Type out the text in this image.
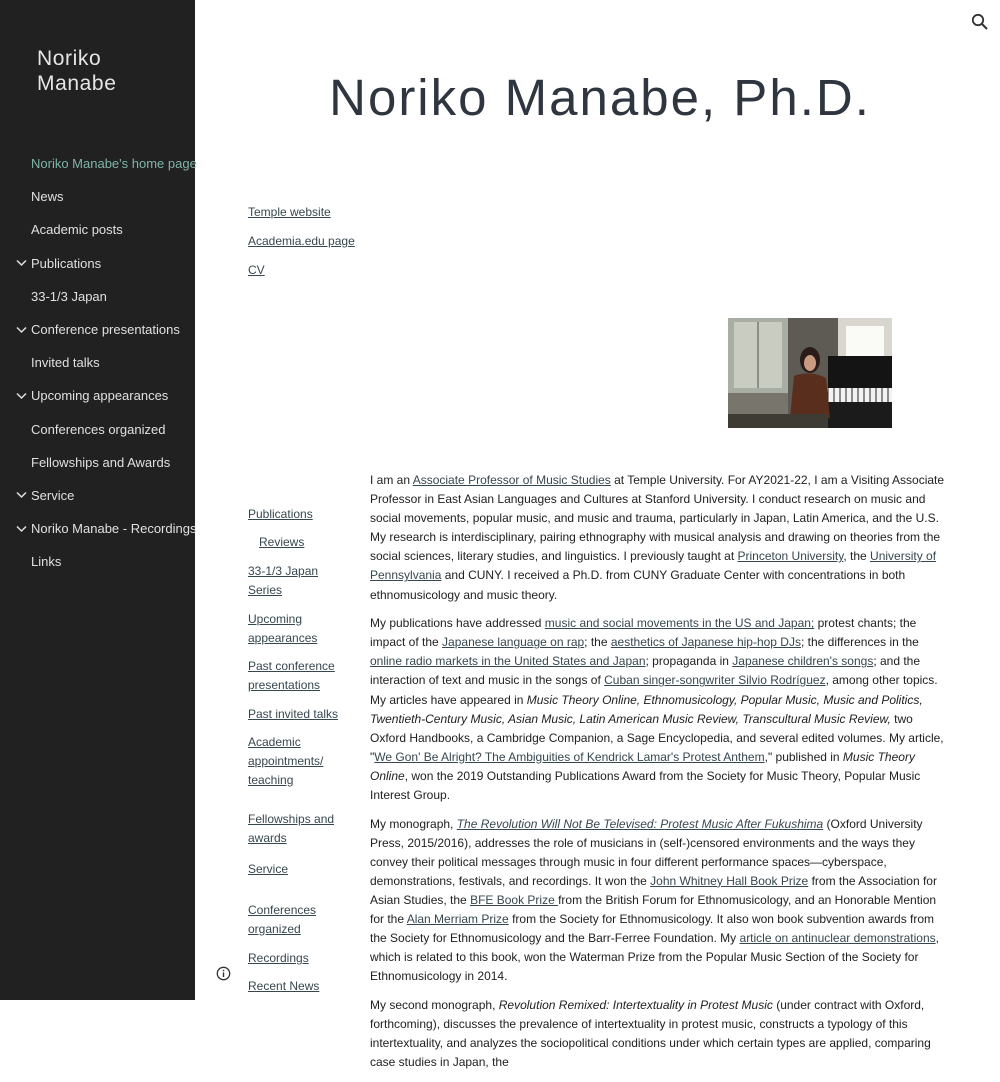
Noriko Manabe
Noriko Manabe's home page
News
Academic posts
Publications
33-1/3 Japan
Conference presentations
Invited talks
Upcoming appearances
Conferences organized
Fellowships and Awards
Service
Noriko Manabe - Recordings
Links
Noriko Manabe, Ph.D.
Temple website
Academia.edu page
CV
Publications
Reviews
33-1/3 Japan Series
Upcoming appearances
Past conference presentations
Past invited talks
Academic appointments/ teaching
Fellowships and awards
Service
Conferences organized
Recordings
Recent News

I am an Associate Professor of Music Studies at Temple University. For AY2021-22, I am a Visiting Associate Professor in East Asian Languages and Cultures at Stanford University. I conduct research on music and social movements, popular music, and music and trauma, particularly in Japan, Latin America, and the U.S. My research is interdisciplinary, pairing ethnography with musical analysis and drawing on theories from the social sciences, literary studies, and linguistics. I previously taught at Princeton University, the University of Pennsylvania and CUNY. I received a Ph.D. from CUNY Graduate Center with concentrations in both ethnomusicology and music theory.

My publications have addressed music and social movements in the US and Japan; protest chants; the impact of the Japanese language on rap; the aesthetics of Japanese hip-hop DJs; the differences in the online radio markets in the United States and Japan; propaganda in Japanese children's songs; and the interaction of text and music in the songs of Cuban singer-songwriter Silvio Rodríguez, among other topics. My articles have appeared in Music Theory Online, Ethnomusicology, Popular Music, Music and Politics, Twentieth-Century Music, Asian Music, Latin American Music Review, Transcultural Music Review, two Oxford Handbooks, a Cambridge Companion, a Sage Encyclopedia, and several edited volumes. My article, "We Gon' Be Alright? The Ambiguities of Kendrick Lamar's Protest Anthem," published in Music Theory Online, won the 2019 Outstanding Publications Award from the Society for Music Theory, Popular Music Interest Group.

My monograph, The Revolution Will Not Be Televised: Protest Music After Fukushima (Oxford University Press, 2015/2016), addresses the role of musicians in (self-)censored environments and the ways they convey their political messages through music in four different performance spaces—cyberspace, demonstrations, festivals, and recordings. It won the John Whitney Hall Book Prize from the Association for Asian Studies, the BFE Book Prize from the British Forum for Ethnomusicology, and an Honorable Mention for the Alan Merriam Prize from the Society for Ethnomusicology. It also won book subvention awards from the Society for Ethnomusicology and the Barr-Ferree Foundation. My article on antinuclear demonstrations, which is related to this book, won the Waterman Prize from the Popular Music Section of the Society for Ethnomusicology in 2014.

My second monograph, Revolution Remixed: Intertextuality in Protest Music (under contract with Oxford, forthcoming), discusses the prevalence of intertextuality in protest music, constructs a typology of this intertextuality, and analyzes the sociopolitical conditions under which certain types are applied, comparing case studies in Japan, the
